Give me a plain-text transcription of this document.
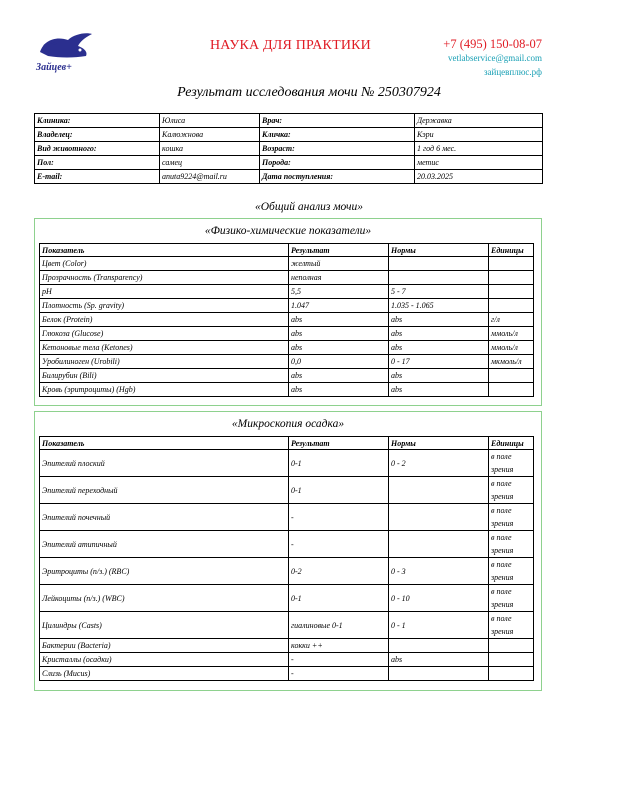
Зайцев+
НАУКА ДЛЯ ПРАКТИКИ	+7 (495) 150-08-07
vetlabservice@gmail.com
зайцевплюс.рф
Результат исследования мочи № 250307924
Клиника:	Юлиса	Врач:	Державка
Владелец:	Калюжнова	Кличка:	Кэри
Вид животного:	кошка	Возраст:	1 год 6 мес.
Пол:	самец	Порода:	метис
E-mail:	anuta9224@mail.ru	Дата поступления:	20.03.2025
«Общий анализ мочи»
«Физико-химические показатели»
Показатель	Результат	Нормы	Единицы
Цвет (Color)	желтый		
Прозрачность (Transparency)	неполная		
pH	5,5	5 - 7	
Плотность (Sp. gravity)	1.047	1.035 - 1.065	
Белок (Protein)	abs	abs	г/л
Глюкоза (Glucose)	abs	abs	ммоль/л
Кетоновые тела (Ketones)	abs	abs	ммоль/л
Уробилиноген (Urobili)	0,0	0 - 17	мкмоль/л
Билирубин (Bili)	abs	abs	
Кровь (эритроциты) (Hgb)	abs	abs	
«Микроскопия осадка»
Показатель	Результат	Нормы	Единицы
Эпителий плоский	0-1	0 - 2	в поле зрения
Эпителий переходный	0-1		в поле зрения
Эпителий почечный	-		в поле зрения
Эпителий атипичный	-		в поле зрения
Эритроциты (п/з.) (RBC)	0-2	0 - 3	в поле зрения
Лейкоциты (п/з.) (WBC)	0-1	0 - 10	в поле зрения
Цилиндры (Casts)	гиалиновые 0-1	0 - 1	в поле зрения
Бактерии (Bacteria)	кокки ++		
Кристаллы (осадки)	-	abs	
Слизь (Mucus)	-		
